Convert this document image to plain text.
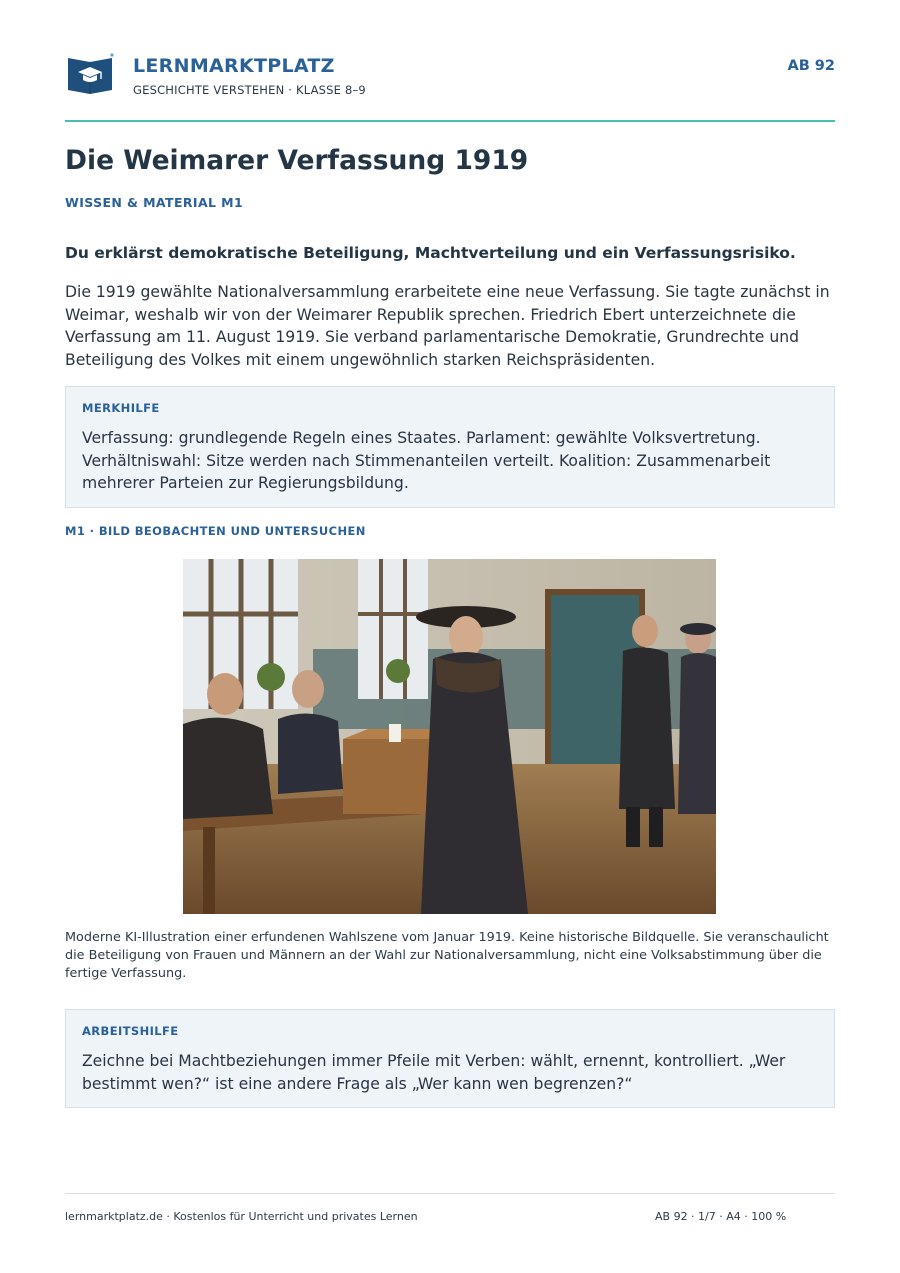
LERNMARKTPLATZ
GESCHICHTE VERSTEHEN · KLASSE 8–9
AB 92
Die Weimarer Verfassung 1919
WISSEN & MATERIAL M1
Du erklärst demokratische Beteiligung, Machtverteilung und ein Verfassungsrisiko.

Die 1919 gewählte Nationalversammlung erarbeitete eine neue Verfassung. Sie tagte zunächst in Weimar, weshalb wir von der Weimarer Republik sprechen. Friedrich Ebert unterzeichnete die Verfassung am 11. August 1919. Sie verband parlamentarische Demokratie, Grundrechte und Beteiligung des Volkes mit einem ungewöhnlich starken Reichspräsidenten.

MERKHILFE
Verfassung: grundlegende Regeln eines Staates. Parlament: gewählte Volksvertretung. Verhältniswahl: Sitze werden nach Stimmenanteilen verteilt. Koalition: Zusammenarbeit mehrerer Parteien zur Regierungsbildung.
M1 · BILD BEOBACHTEN UND UNTERSUCHEN

Moderne KI-Illustration einer erfundenen Wahlszene vom Januar 1919. Keine historische Bildquelle. Sie veranschaulicht die Beteiligung von Frauen und Männern an der Wahl zur Nationalversammlung, nicht eine Volksabstimmung über die fertige Verfassung.

ARBEITSHILFE
Zeichne bei Machtbeziehungen immer Pfeile mit Verben: wählt, ernennt, kontrolliert. „Wer bestimmt wen?“ ist eine andere Frage als „Wer kann wen begrenzen?“
lernmarktplatz.de · Kostenlos für Unterricht und privates Lernen	AB 92 · 1/7 · A4 · 100 %
